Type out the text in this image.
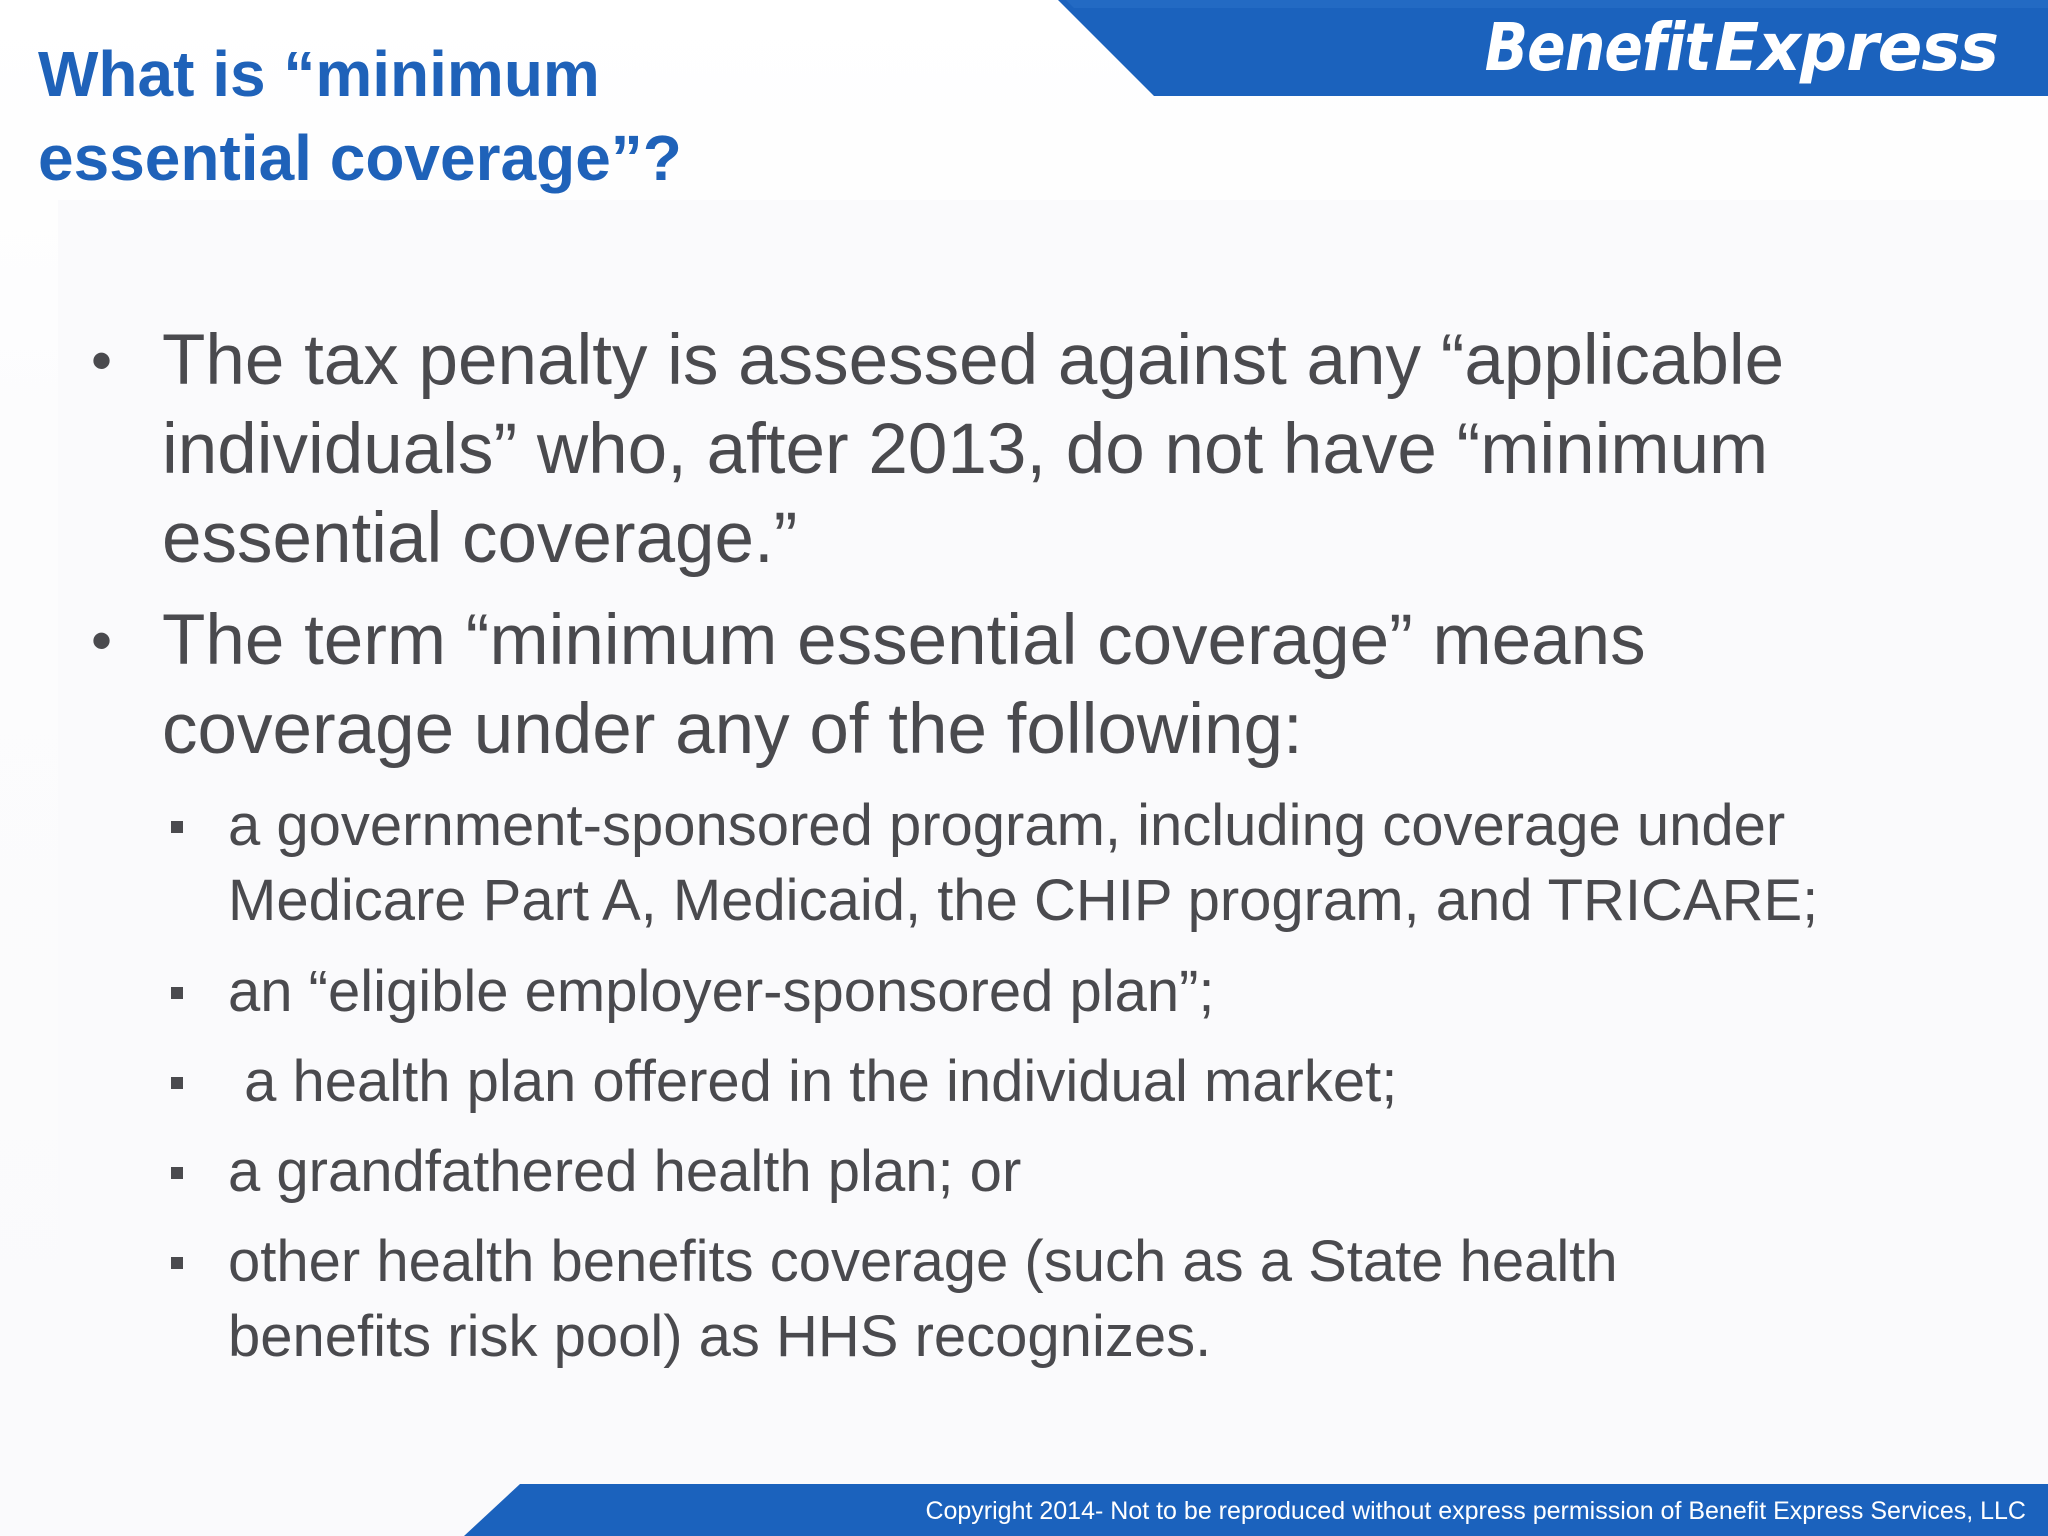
Benefit Express
What is “minimum
essential coverage”?
• The tax penalty is assessed against any “applicable
individuals” who, after 2013, do not have “minimum
essential coverage.”
• The term “minimum essential coverage” means
coverage under any of the following:
a government-sponsored program, including coverage under
Medicare Part A, Medicaid, the CHIP program, and TRICARE;
an “eligible employer-sponsored plan”;
a health plan offered in the individual market;
a grandfathered health plan; or
other health benefits coverage (such as a State health
benefits risk pool) as HHS recognizes.
Copyright 2014- Not to be reproduced without express permission of Benefit Express Services, LLC
